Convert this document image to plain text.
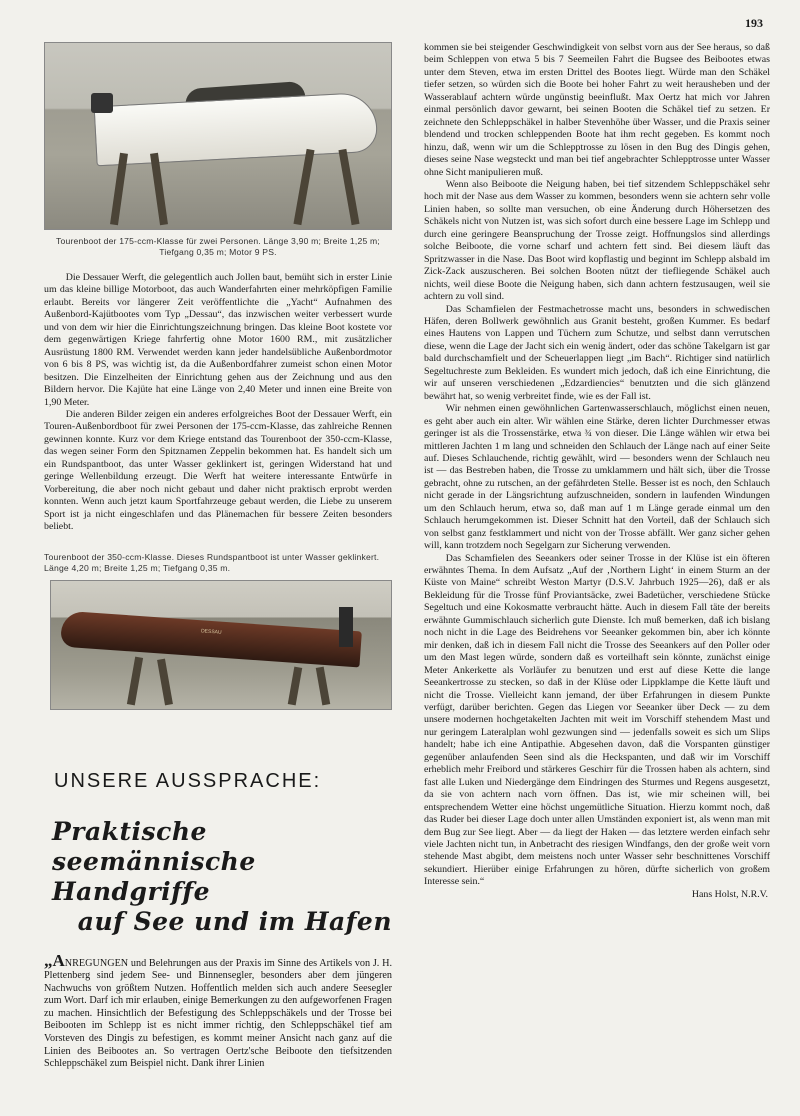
193
Tourenboot der 175-ccm-Klasse für zwei Personen. Länge 3,90 m; Breite 1,25 m; Tiefgang 0,35 m; Motor 9 PS.

Die Dessauer Werft, die gelegentlich auch Jollen baut, bemüht sich in erster Linie um das kleine billige Motorboot, das auch Wanderfahrten einer mehrköpfigen Familie erlaubt. Bereits vor längerer Zeit veröffentlichte die „Yacht“ Aufnahmen des Außenbord-Kajütbootes vom Typ „Dessau“, das inzwischen weiter verbessert wurde und von dem wir hier die Einrichtungszeichnung bringen. Das kleine Boot kostete vor dem gegenwärtigen Kriege fahrfertig ohne Motor 1600 RM., mit zusätzlicher Ausrüstung 1800 RM. Verwendet werden kann jeder handelsübliche Außenbordmotor von 6 bis 8 PS, was wichtig ist, da die Außenbordfahrer zumeist schon einen Motor besitzen. Die Einzelheiten der Einrichtung gehen aus der Zeichnung und aus den Bildern hervor. Die Kajüte hat eine Länge von 2,40 Meter und innen eine Breite von 1,90 Meter.

Die anderen Bilder zeigen ein anderes erfolgreiches Boot der Dessauer Werft, ein Touren-Außenbordboot für zwei Personen der 175-ccm-Klasse, das zahlreiche Rennen gewinnen konnte. Kurz vor dem Kriege entstand das Tourenboot der 350-ccm-Klasse, das wegen seiner Form den Spitznamen Zeppelin bekommen hat. Es handelt sich um ein Rundspantboot, das unter Wasser geklinkert ist, geringen Widerstand hat und geringe Wellenbildung erzeugt. Die Werft hat weitere interessante Entwürfe in Vorbereitung, die aber noch nicht gebaut und daher nicht praktisch erprobt werden konnten. Wenn auch jetzt kaum Sportfahrzeuge gebaut werden, die Liebe zu unserem Sport ist ja nicht eingeschlafen und das Plänemachen für bessere Zeiten besonders beliebt.

Tourenboot der 350-ccm-Klasse. Dieses Rundspantboot ist unter Wasser geklinkert. Länge 4,20 m; Breite 1,25 m; Tiefgang 0,35 m.
DESSAU
UNSERE AUSSPRACHE:
Praktische seemännische Handgriffe
auf See und im Hafen

„ANREGUNGEN und Belehrungen aus der Praxis im Sinne des Artikels von J. H. Plettenberg sind jedem See- und Binnensegler, besonders aber dem jüngeren Nachwuchs von größtem Nutzen. Hoffentlich melden sich auch andere Seesegler zum Wort. Darf ich mir erlauben, einige Bemerkungen zu den aufgeworfenen Fragen zu machen. Hinsichtlich der Befestigung des Schleppschäkels und der Trosse bei Beibooten im Schlepp ist es nicht immer richtig, den Schleppschäkel tief am Vorsteven des Dingis zu befestigen, es kommt meiner Ansicht nach ganz auf die Linien des Beibootes an. So vertragen Oertz'sche Beiboote den tiefsitzenden Schleppschäkel zum Beispiel nicht. Dank ihrer Linien

kommen sie bei steigender Geschwindigkeit von selbst vorn aus der See heraus, so daß beim Schleppen von etwa 5 bis 7 Seemeilen Fahrt die Bugsee des Beibootes etwas unter dem Steven, etwa im ersten Drittel des Bootes liegt. Würde man den Schäkel tiefer setzen, so würden sich die Boote bei hoher Fahrt zu weit herausheben und der Wasserablauf achtern würde ungünstig beeinflußt. Max Oertz hat mich vor Jahren einmal persönlich davor gewarnt, bei seinen Booten die Schäkel tief zu setzen. Er zeichnete den Schleppschäkel in halber Stevenhöhe über Wasser, und die Praxis seiner blendend und trocken schleppenden Boote hat ihm recht gegeben. Es kommt noch hinzu, daß, wenn wir um die Schlepptrosse zu lösen in den Bug des Dingis gehen, dieses seine Nase wegsteckt und man bei tief angebrachter Schlepptrosse unter Wasser ohne Sicht manipulieren muß.

Wenn also Beiboote die Neigung haben, bei tief sitzendem Schleppschäkel sehr hoch mit der Nase aus dem Wasser zu kommen, besonders wenn sie achtern sehr volle Linien haben, so sollte man versuchen, ob eine Änderung durch Höhersetzen des Schäkels nicht von Nutzen ist, was sich sofort durch eine bessere Lage im Schlepp und durch eine geringere Beanspruchung der Trosse zeigt. Hoffnungslos sind allerdings solche Beiboote, die vorne scharf und achtern fett sind. Bei diesem läuft das Spritzwasser in die Nase. Das Boot wird kopflastig und beginnt im Schlepp alsbald im Zick-Zack auszuscheren. Bei solchen Booten nützt der tiefliegende Schäkel auch nichts, weil diese Boote die Neigung haben, sich dann achtern festzusaugen, weil sie achtern zu voll sind.

Das Schamfielen der Festmachetrosse macht uns, besonders in schwedischen Häfen, deren Bollwerk gewöhnlich aus Granit besteht, großen Kummer. Es bedarf eines Hautens von Lappen und Tüchern zum Schutze, und selbst dann verrutschen diese, wenn die Lage der Jacht sich ein wenig ändert, oder das schöne Takelgarn ist gar bald durchschamfielt und der Scheuerlappen liegt „im Bach“. Richtiger sind natürlich Segeltuchreste zum Bekleiden. Es wundert mich jedoch, daß ich eine Einrichtung, die wir auf unseren verschiedenen „Edzardiencies“ benutzten und die sich glänzend bewährt hat, so wenig verbreitet finde, wie es der Fall ist.

Wir nehmen einen gewöhnlichen Gartenwasserschlauch, möglichst einen neuen, es geht aber auch ein alter. Wir wählen eine Stärke, deren lichter Durchmesser etwas geringer ist als die Trossenstärke, etwa ¾ von dieser. Die Länge wählen wir etwa bei mittleren Jachten 1 m lang und schneiden den Schlauch der Länge nach auf einer Seite auf. Dieses Schlauchende, richtig gewählt, wird — besonders wenn der Schlauch neu ist — das Bestreben haben, die Trosse zu umklammern und hält sich, über die Trosse gebracht, ohne zu rutschen, an der gefährdeten Stelle. Besser ist es noch, den Schlauch nicht gerade in der Längsrichtung aufzuschneiden, sondern in laufenden Windungen um den Schlauch herum, etwa so, daß man auf 1 m Länge gerade einmal um den Schlauch herumgekommen ist. Dieser Schnitt hat den Vorteil, daß der Schlauch sich von selbst ganz festklammert und nicht von der Trosse abfällt. Wer ganz sicher gehen will, kann trotzdem noch Segelgarn zur Sicherung verwenden.

Das Schamfielen des Seeankers oder seiner Trosse in der Klüse ist ein öfteren erwähntes Thema. In dem Aufsatz „Auf der ‚Northern Light‘ in einem Sturm an der Küste von Maine“ schreibt Weston Martyr (D.S.V. Jahrbuch 1925—26), daß er als Bekleidung für die Trosse fünf Proviantsäcke, zwei Badetücher, verschiedene Stücke Segeltuch und eine Kokosmatte verbraucht hätte. Auch in diesem Fall täte der bereits erwähnte Gummischlauch sicherlich gute Dienste. Ich muß bemerken, daß ich bislang noch nicht in die Lage des Beidrehens vor Seeanker gekommen bin, aber ich könnte mir denken, daß ich in diesem Fall nicht die Trosse des Seeankers auf den Poller oder um den Mast legen würde, sondern daß es vorteilhaft sein könnte, zunächst einige Meter Ankerkette als Vorläufer zu benutzen und erst auf diese Kette die lange Seeankertrosse zu stecken, so daß in der Klüse oder Lippklampe die Kette läuft und nicht die Trosse. Vielleicht kann jemand, der über Erfahrungen in diesem Punkte verfügt, darüber berichten. Gegen das Liegen vor Seeanker über Deck — zu dem unsere modernen hochgetakelten Jachten mit weit im Vorschiff stehendem Mast und nur geringem Lateralplan wohl gezwungen sind — jedenfalls soweit es sich um Slips handelt; habe ich eine Antipathie. Abgesehen davon, daß die Vorspanten günstiger gegenüber anlaufenden Seen sind als die Heckspanten, und daß wir im Vorschiff erheblich mehr Freibord und stärkeres Geschirr für die Trossen haben als achtern, sind fast alle Luken und Niedergänge dem Eindringen des Sturmes und Regens ausgesetzt, da sie von achtern nach vorn öffnen. Das ist, wie mir scheinen will, bei entsprechendem Wetter eine höchst ungemütliche Situation. Hierzu kommt noch, daß das Ruder bei dieser Lage doch unter allen Umständen exponiert ist, als wenn man mit dem Bug zur See liegt. Aber — da liegt der Haken — das letztere werden einfach sehr viele Jachten nicht tun, in Anbetracht des riesigen Windfangs, den der große weit vorn stehende Mast abgibt, dem meistens noch unter Wasser sehr beschnittenes Vorschiff sekundiert. Hierüber einige Erfahrungen zu hören, dürfte sicherlich von großem Interesse sein.“

Hans Holst, N.R.V.
